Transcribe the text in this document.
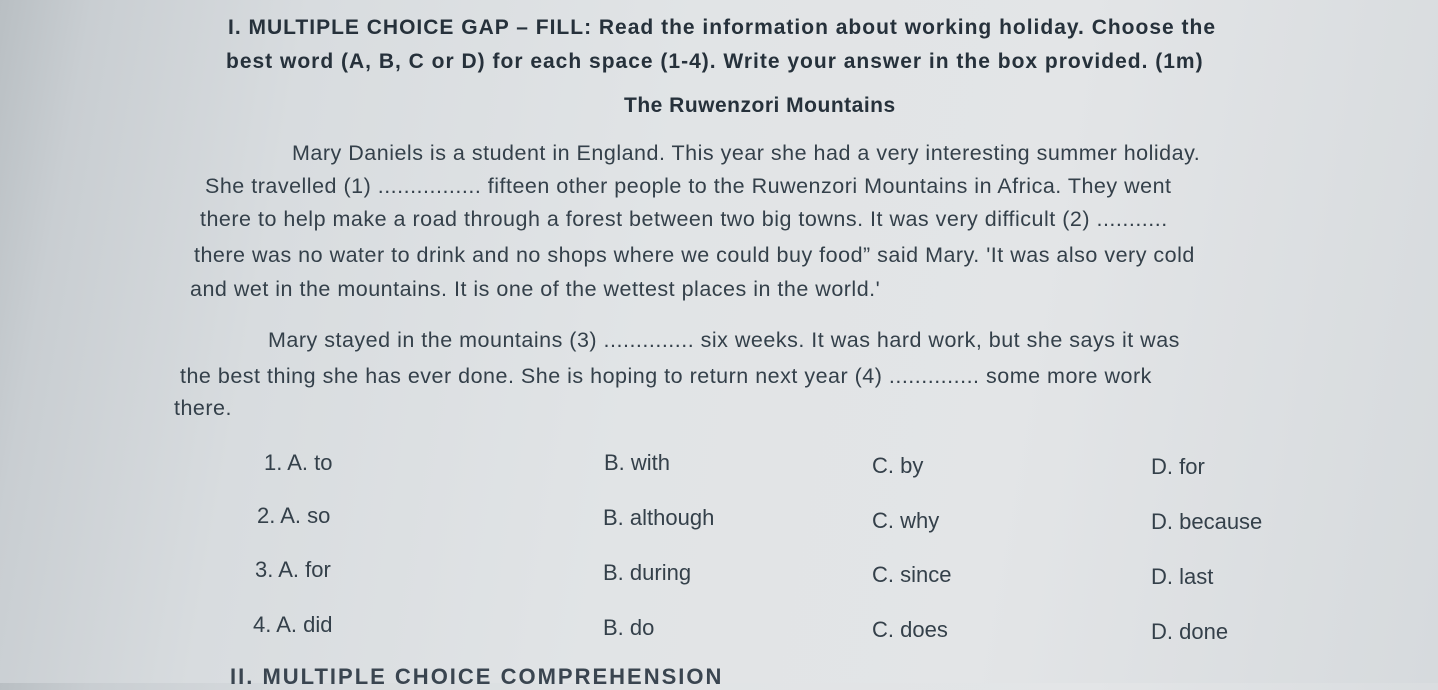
I. MULTIPLE CHOICE GAP – FILL: Read the information about working holiday. Choose the
best word (A, B, C or D) for each space (1-4). Write your answer in the box provided. (1m)
The Ruwenzori Mountains
Mary Daniels is a student in England. This year she had a very interesting summer holiday.
She travelled (1) ................ fifteen other people to the Ruwenzori Mountains in Africa. They went
there to help make a road through a forest between two big towns. It was very difficult (2) ...........
there was no water to drink and no shops where we could buy food” said Mary. 'It was also very cold
and wet in the mountains. It is one of the wettest places in the world.'
Mary stayed in the mountains (3) .............. six weeks. It was hard work, but she says it was
the best thing she has ever done. She is hoping to return next year (4) .............. some more work
there.
1. A. to	B. with	C. by	D. for
2. A. so	B. although	C. why	D. because
3. A. for	B. during	C. since	D. last
4. A. did	B. do	C. does	D. done
II. MULTIPLE CHOICE COMPREHENSION
